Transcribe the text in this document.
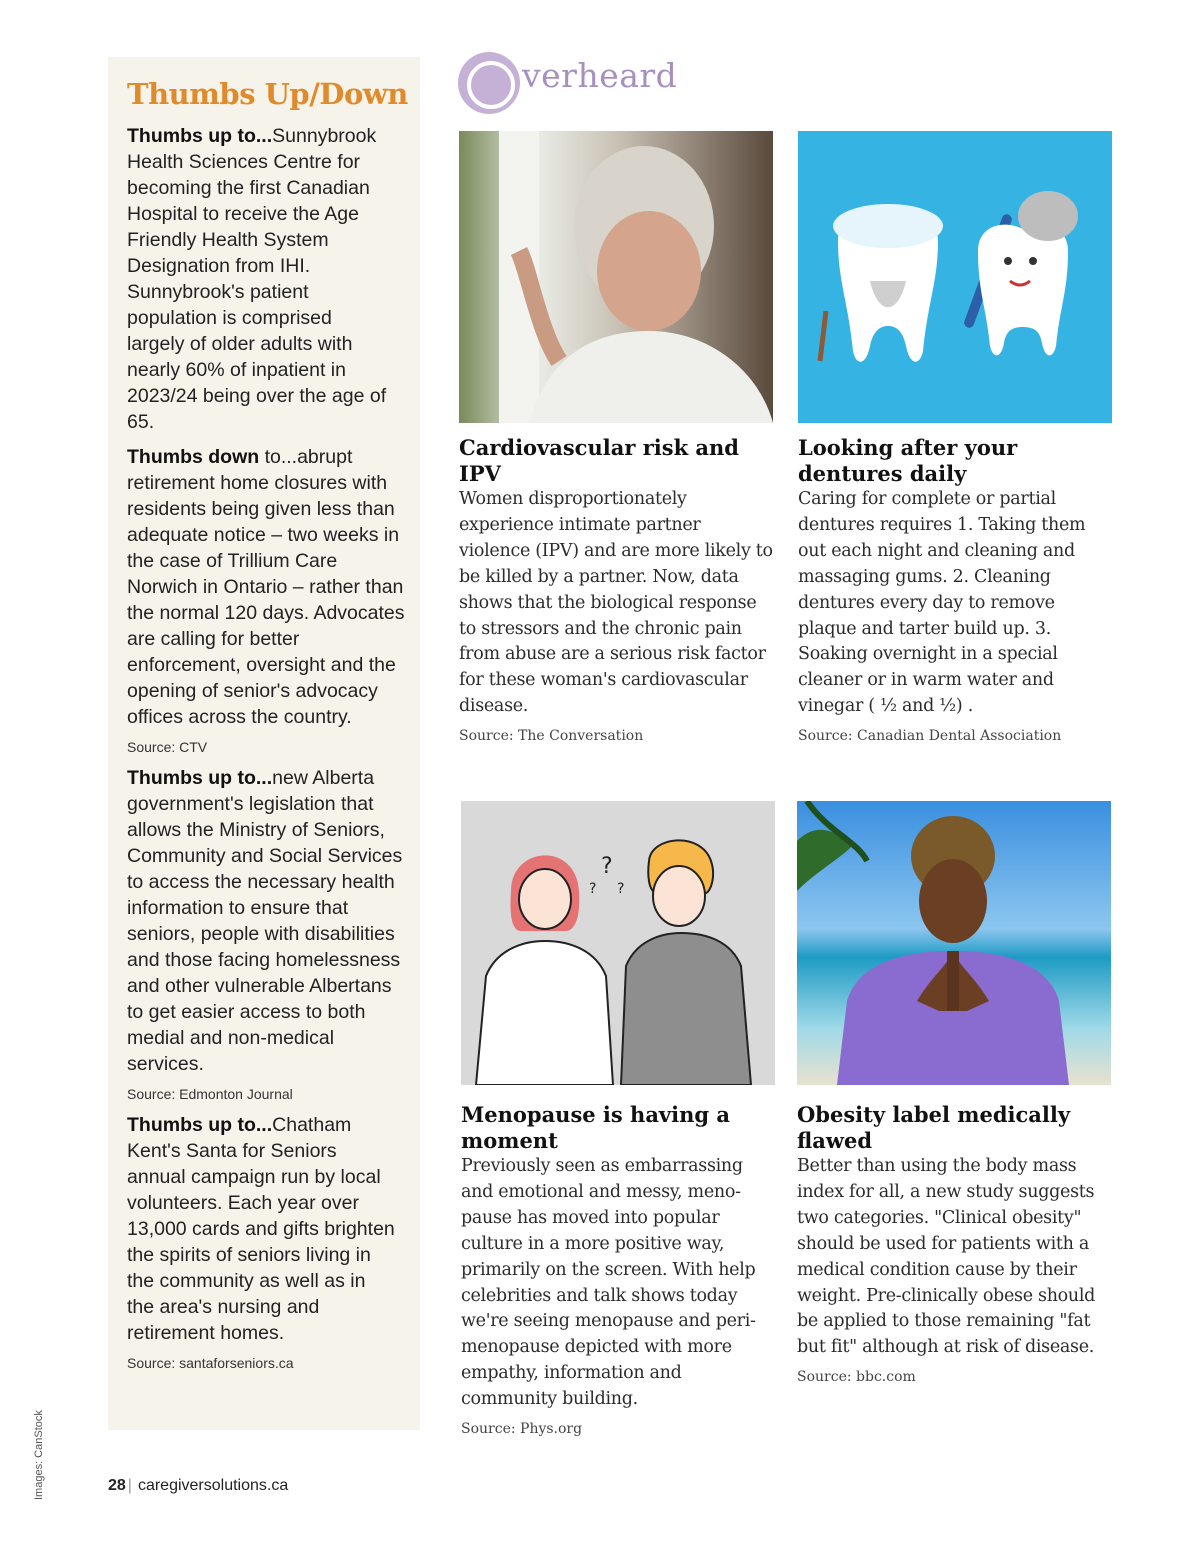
Thumbs Up/Down
Thumbs up to...Sunnybrook Health Sciences Centre for becoming the first Canadian Hospital to receive the Age Friendly Health System Designation from IHI. Sunnybrook's patient population is comprised largely of older adults with nearly 60% of inpatient in 2023/24 being over the age of 65.
Thumbs down to...abrupt retirement home closures with residents being given less than adequate notice – two weeks in the case of Trillium Care Norwich in Ontario – rather than the normal 120 days. Advocates are calling for better enforcement, oversight and the opening of senior's advocacy offices across the country.
Source: CTV
Thumbs up to...new Alberta government's legislation that allows the Ministry of Seniors, Community and Social Services to access the necessary health information to ensure that seniors, people with disabilities and those facing homelessness and other vulnerable Albertans to get easier access to both medial and non-medical services.
Source: Edmonton Journal
Thumbs up to...Chatham Kent's Santa for Seniors annual campaign run by local volunteers. Each year over 13,000 cards and gifts brighten the spirits of seniors living in the community as well as in the area's nursing and retirement homes.
Source: santaforseniors.ca
verheard
Cardiovascular risk and IPV

Women disproportionately experience intimate partner violence (IPV) and are more likely to be killed by a partner. Now, data shows that the biological response to stressors and the chronic pain from abuse are a serious risk factor for these woman's cardiovascular disease.

Source: The Conversation
Looking after your dentures daily

Caring for complete or partial dentures requires 1. Taking them out each night and cleaning and massaging gums. 2. Cleaning dentures every day to remove plaque and tarter build up. 3. Soaking overnight in a special cleaner or in warm water and vinegar ( ½ and ½) .

Source: Canadian Dental Association
?
? ?
Menopause is having a moment

Previously seen as embarrassing and emotional and messy, meno-pause has moved into popular culture in a more positive way, primarily on the screen. With help celebrities and talk shows today we're seeing menopause and peri-menopause depicted with more empathy, information and community building.

Source: Phys.org
Obesity label medically flawed

Better than using the body mass index for all, a new study suggests two categories. "Clinical obesity" should be used for patients with a medical condition cause by their weight. Pre-clinically obese should be applied to those remaining "fat but fit" although at risk of disease.

Source: bbc.com
28 | caregiversolutions.ca
Images: CanStock
